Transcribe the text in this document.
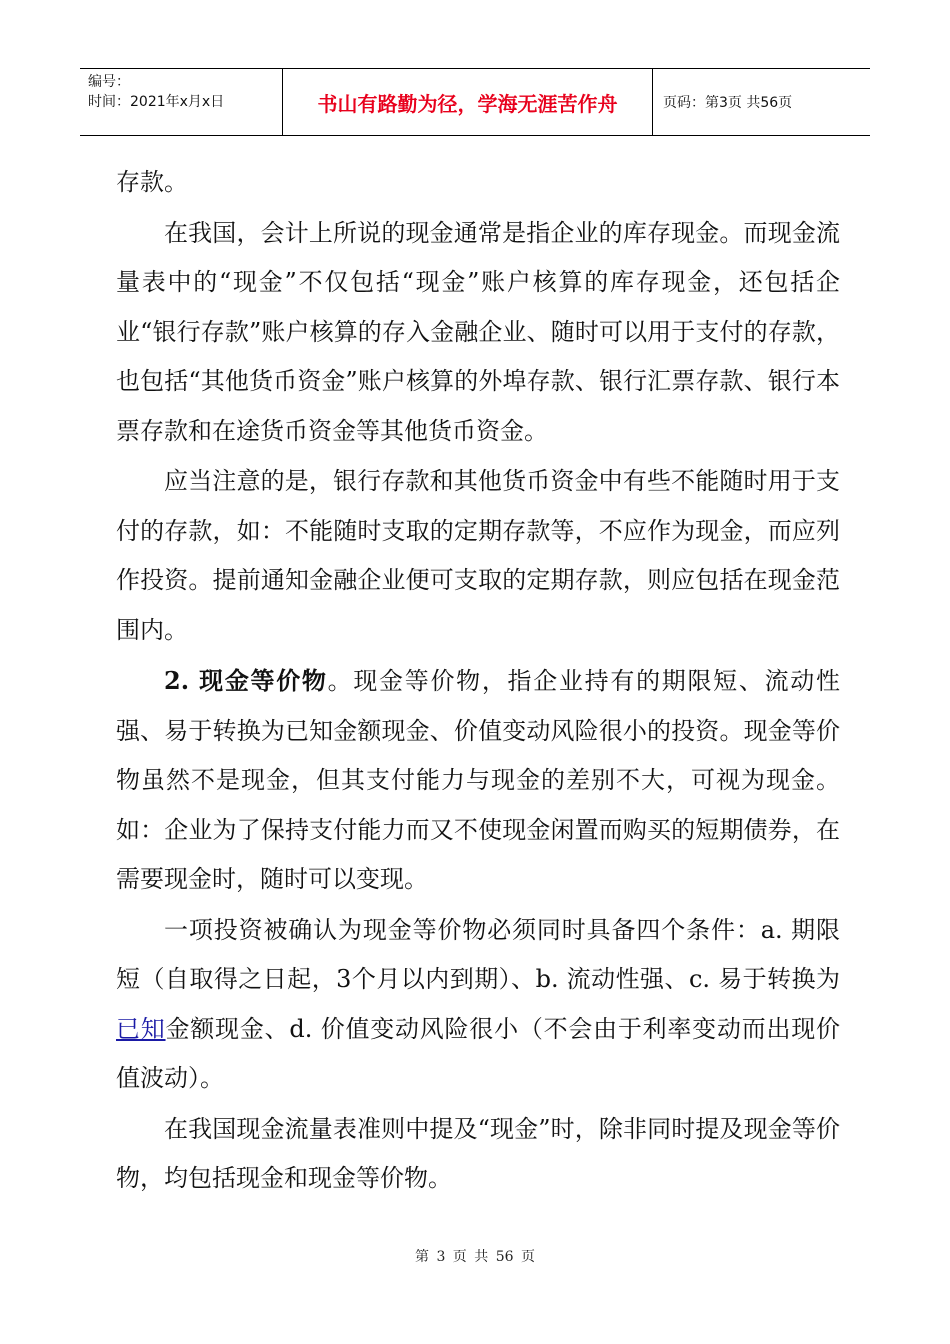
编号：
时间：2021年x月x日	书山有路勤为径，学海无涯苦作舟	页码：第3页 共56页

存款。

在我国，会计上所说的现金通常是指企业的库存现金。而现金流量表中的“现金”不仅包括“现金”账户核算的库存现金，还包括企业“银行存款”账户核算的存入金融企业、随时可以用于支付的存款，也包括“其他货币资金”账户核算的外埠存款、银行汇票存款、银行本票存款和在途货币资金等其他货币资金。

应当注意的是，银行存款和其他货币资金中有些不能随时用于支付的存款，如：不能随时支取的定期存款等，不应作为现金，而应列作投资。提前通知金融企业便可支取的定期存款，则应包括在现金范围内。

2. 现金等价物。现金等价物，指企业持有的期限短、流动性强、易于转换为已知金额现金、价值变动风险很小的投资。现金等价物虽然不是现金，但其支付能力与现金的差别不大，可视为现金。如：企业为了保持支付能力而又不使现金闲置而购买的短期债券，在需要现金时，随时可以变现。

一项投资被确认为现金等价物必须同时具备四个条件：a. 期限短（自取得之日起，3个月以内到期）、b. 流动性强、c. 易于转换为已知金额现金、d. 价值变动风险很小（不会由于利率变动而出现价值波动）。

在我国现金流量表准则中提及“现金”时，除非同时提及现金等价物，均包括现金和现金等价物。

第 3 页 共 56 页
